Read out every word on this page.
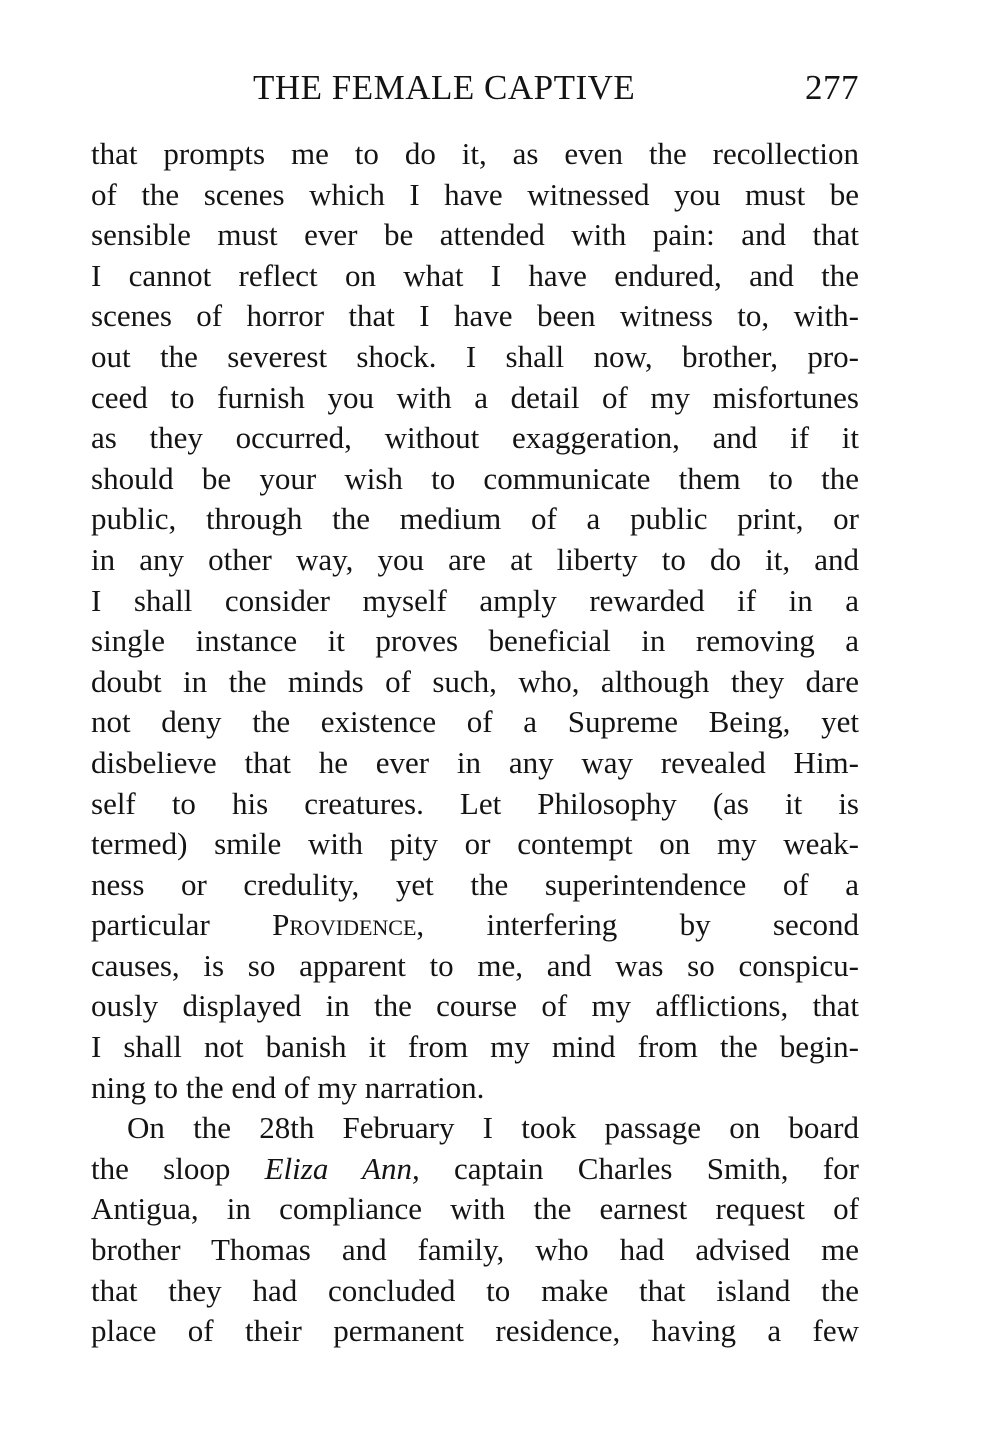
THE FEMALE CAPTIVE	277
that prompts me to do it, as even the recollection
of the scenes which I have witnessed you must be
sensible must ever be attended with pain: and that
I cannot reflect on what I have endured, and the
scenes of horror that I have been witness to, with-
out the severest shock. I shall now, brother, pro-
ceed to furnish you with a detail of my misfortunes
as they occurred, without exaggeration, and if it
should be your wish to communicate them to the
public, through the medium of a public print, or
in any other way, you are at liberty to do it, and
I shall consider myself amply rewarded if in a
single instance it proves beneficial in removing a
doubt in the minds of such, who, although they dare
not deny the existence of a Supreme Being, yet
disbelieve that he ever in any way revealed Him-
self to his creatures. Let Philosophy (as it is
termed) smile with pity or contempt on my weak-
ness or credulity, yet the superintendence of a
particular Providence, interfering by second
causes, is so apparent to me, and was so conspicu-
ously displayed in the course of my afflictions, that
I shall not banish it from my mind from the begin-
ning to the end of my narration.
On the 28th February I took passage on board
the sloop Eliza Ann, captain Charles Smith, for
Antigua, in compliance with the earnest request of
brother Thomas and family, who had advised me
that they had concluded to make that island the
place of their permanent residence, having a few
